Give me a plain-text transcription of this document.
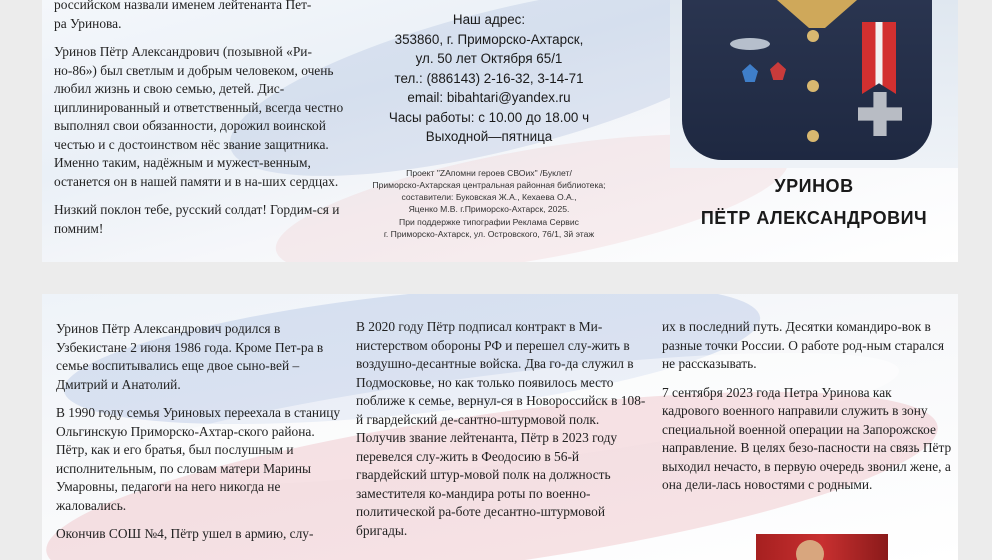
российском назвали именем лейтенанта Пет-
ра Уринова.

Уринов Пётр Александрович (позывной «Ри-но-86») был светлым и добрым человеком, очень любил жизнь и свою семью, детей. Дис-циплинированный и ответственный, всегда честно выполнял свои обязанности, дорожил воинской честью и с достоинством нёс звание защитника. Именно таким, надёжным и мужест-венным, останется он в нашей памяти и в на-ших сердцах.

Низкий поклон тебе, русский солдат! Гордим-ся и помним!

Наш адрес:
353860, г. Приморско-Ахтарск,
ул. 50 лет Октября 65/1
тел.: (886143) 2-16-32, 3-14-71
email: bibahtari@yandex.ru
Часы работы: с 10.00 до 18.00 ч
Выходной—пятница
Проект "ZАпомни героев СВОих" /Буклет/
Приморско-Ахтарская центральная районная библиотека;
составители: Буковская Ж.А., Кехаева О.А.,
Яценко М.В. г.Приморско-Ахтарск, 2025.
При поддержке типографии Реклама Сервис
г. Приморско-Ахтарск, ул. Островского, 76/1, 3й этаж
УРИНОВ
ПЁТР АЛЕКСАНДРОВИЧ

Уринов Пётр Александрович родился в Узбекистане 2 июня 1986 года. Кроме Пет-ра в семье воспитывались еще двое сыно-вей – Дмитрий и Анатолий.

В 1990 году семья Уриновых переехала в станицу Ольгинскую Приморско-Ахтар-ского района. Пётр, как и его братья, был послушным и исполнительным, по словам матери Марины Умаровны, педагоги на него никогда не жаловались.

Окончив СОШ №4, Пётр ушел в армию, слу-

В 2020 году Пётр подписал контракт в Ми-нистерством обороны РФ и перешел слу-жить в воздушно-десантные войска. Два го-да служил в Подмосковье, но как только появилось место поближе к семье, вернул-ся в Новороссийск в 108-й гвардейский де-сантно-штурмовой полк. Получив звание лейтенанта, Пётр в 2023 году перевелся слу-жить в Феодосию в 56-й гвардейский штур-мовой полк на должность заместителя ко-мандира роты по военно-политической ра-боте десантно-штурмовой бригады.

их в последний путь. Десятки командиро-вок в разные точки России. О работе род-ным старался не рассказывать.

7 сентября 2023 года Петра Уринова как кадрового военного направили служить в зону специальной военной операции на Запорожское направление. В целях безо-пасности на связь Пётр выходил нечасто, в первую очередь звонил жене, а она дели-лась новостями с родными.
